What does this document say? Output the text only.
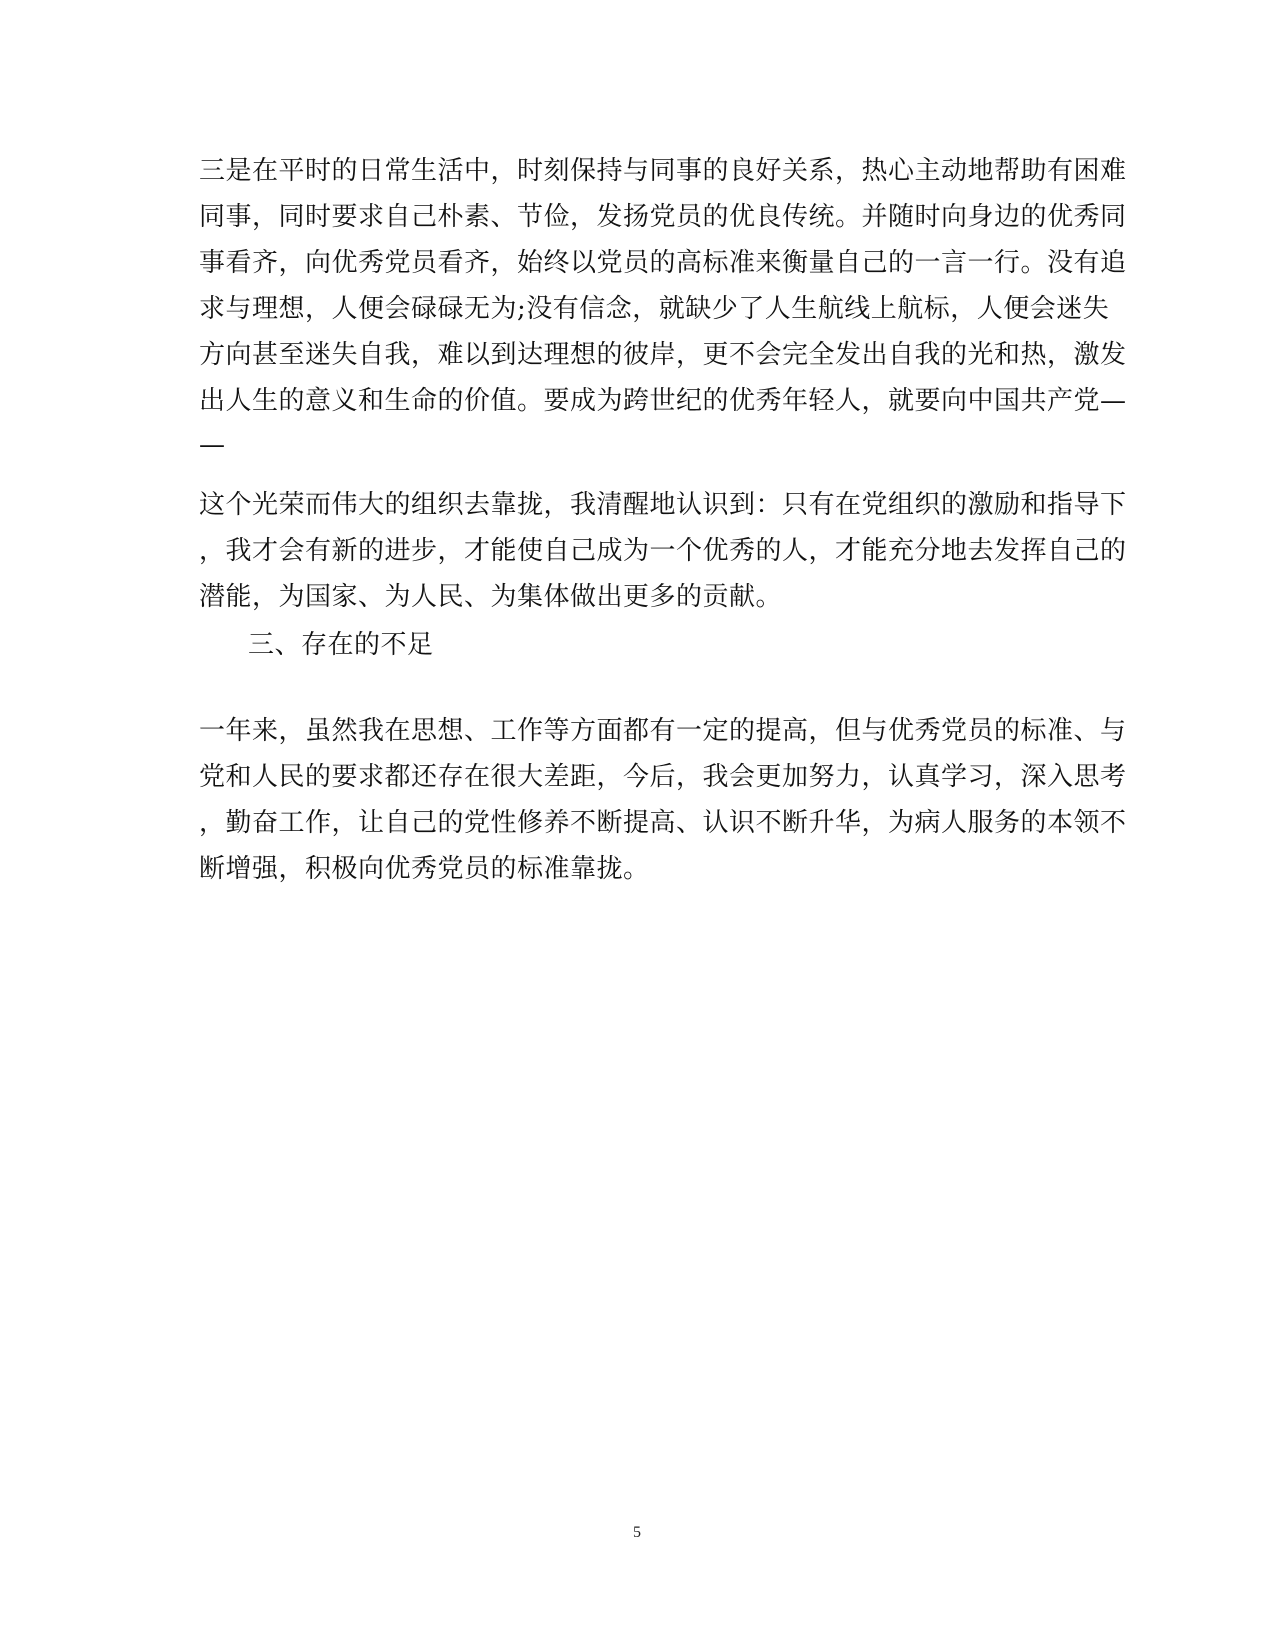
三是在平时的日常生活中，时刻保持与同事的良好关系，热心主动地帮助有困难
同事，同时要求自己朴素、节俭，发扬党员的优良传统。并随时向身边的优秀同
事看齐，向优秀党员看齐，始终以党员的高标准来衡量自己的一言一行。没有追
求与理想，人便会碌碌无为;没有信念，就缺少了人生航线上航标，人便会迷失
方向甚至迷失自我，难以到达理想的彼岸，更不会完全发出自我的光和热，激发
出人生的意义和生命的价值。要成为跨世纪的优秀年轻人，就要向中国共产党—
—
这个光荣而伟大的组织去靠拢，我清醒地认识到：只有在党组织的激励和指导下
，我才会有新的进步，才能使自己成为一个优秀的人，才能充分地去发挥自己的
潜能，为国家、为人民、为集体做出更多的贡献。
三、存在的不足
一年来，虽然我在思想、工作等方面都有一定的提高，但与优秀党员的标准、与
党和人民的要求都还存在很大差距，今后，我会更加努力，认真学习，深入思考
，勤奋工作，让自己的党性修养不断提高、认识不断升华，为病人服务的本领不
断增强，积极向优秀党员的标准靠拢。
5
